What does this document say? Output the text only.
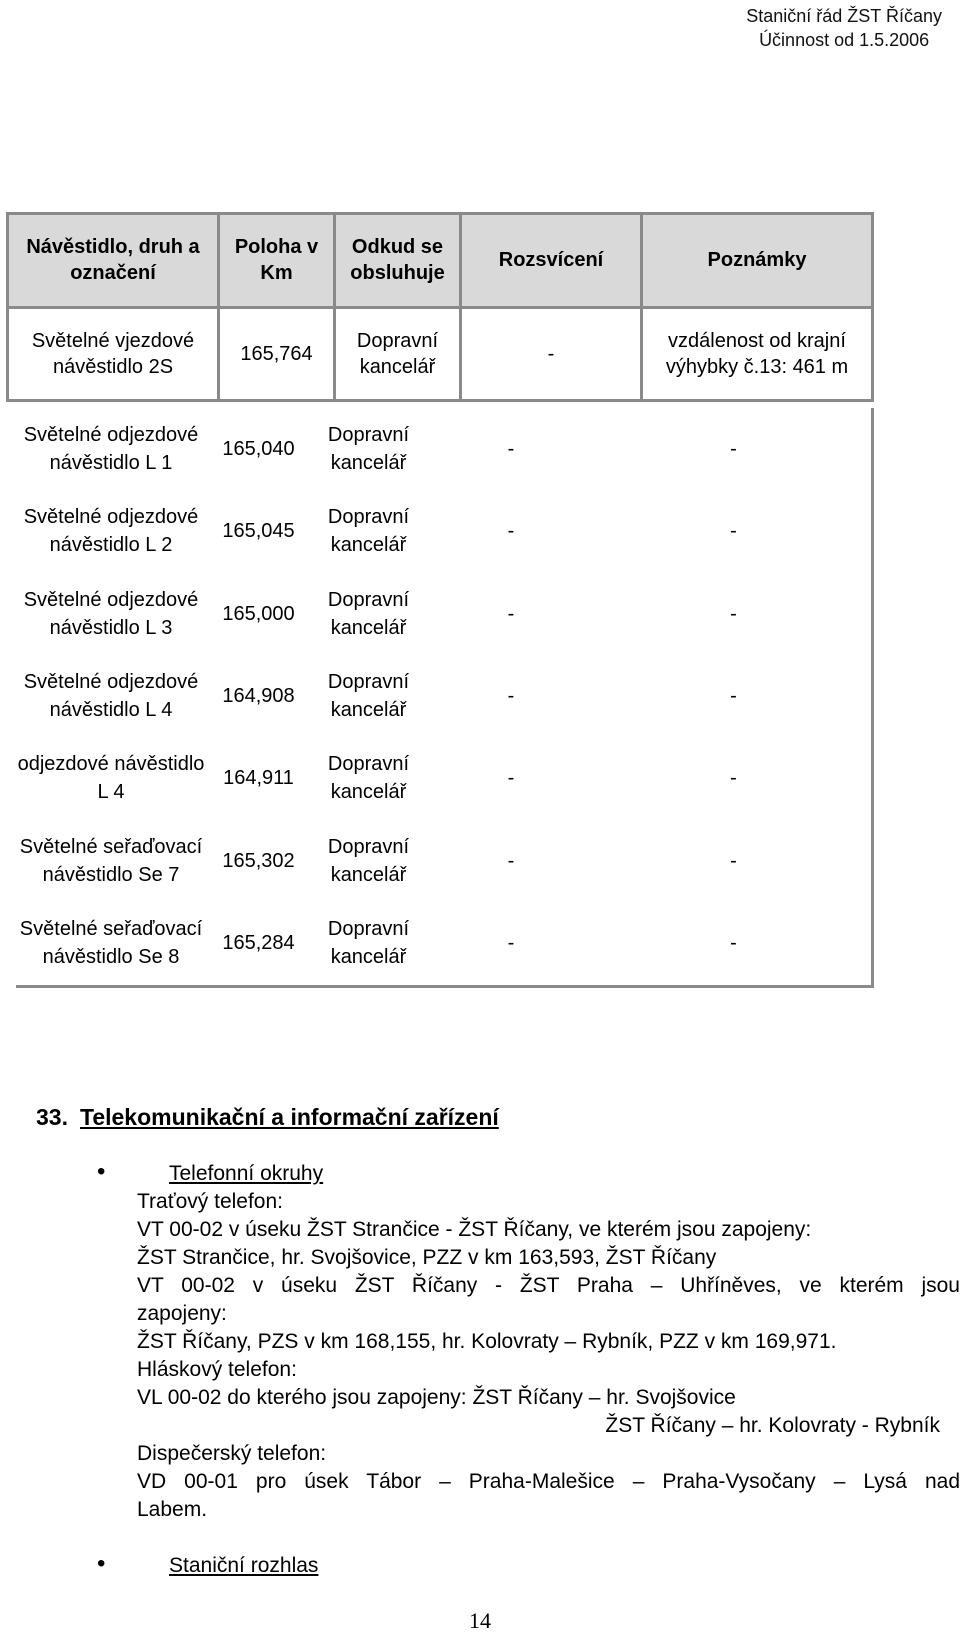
Staniční řád ŽST Říčany
Účinnost od 1.5.2006
Návěstidlo, druh a označení	Poloha v Km	Odkud se obsluhuje	Rozsvícení	Poznámky
Světelné vjezdové návěstidlo 2S	165,764	Dopravní kancelář	-	vzdálenost od krajní výhybky č.13: 461 m
Světelné odjezdové návěstidlo L 1	165,040	Dopravní kancelář	-	-
Světelné odjezdové návěstidlo L 2	165,045	Dopravní kancelář	-	-
Světelné odjezdové návěstidlo L 3	165,000	Dopravní kancelář	-	-
Světelné odjezdové návěstidlo L 4	164,908	Dopravní kancelář	-	-
odjezdové návěstidlo L 4	164,911	Dopravní kancelář	-	-
Světelné seřaďovací návěstidlo Se 7	165,302	Dopravní kancelář	-	-
Světelné seřaďovací návěstidlo Se 8	165,284	Dopravní kancelář	-	-
33. Telekomunikační a informační zařízení

• Telefonní okruhy

Traťový telefon:

VT 00-02 v úseku ŽST Strančice - ŽST Říčany, ve kterém jsou zapojeny:

ŽST Strančice, hr. Svojšovice, PZZ v km 163,593, ŽST Říčany

VT 00-02 v úseku ŽST Říčany - ŽST Praha – Uhříněves, ve kterém jsou

zapojeny:

ŽST Říčany, PZS v km 168,155, hr. Kolovraty – Rybník, PZZ v km 169,971.

Hláskový telefon:

VL 00-02 do kterého jsou zapojeny: ŽST Říčany – hr. Svojšovice

ŽST Říčany – hr. Kolovraty - Rybník

Dispečerský telefon:

VD 00-01 pro úsek Tábor – Praha-Malešice – Praha-Vysočany – Lysá nad

Labem.

• Staniční rozhlas

14
